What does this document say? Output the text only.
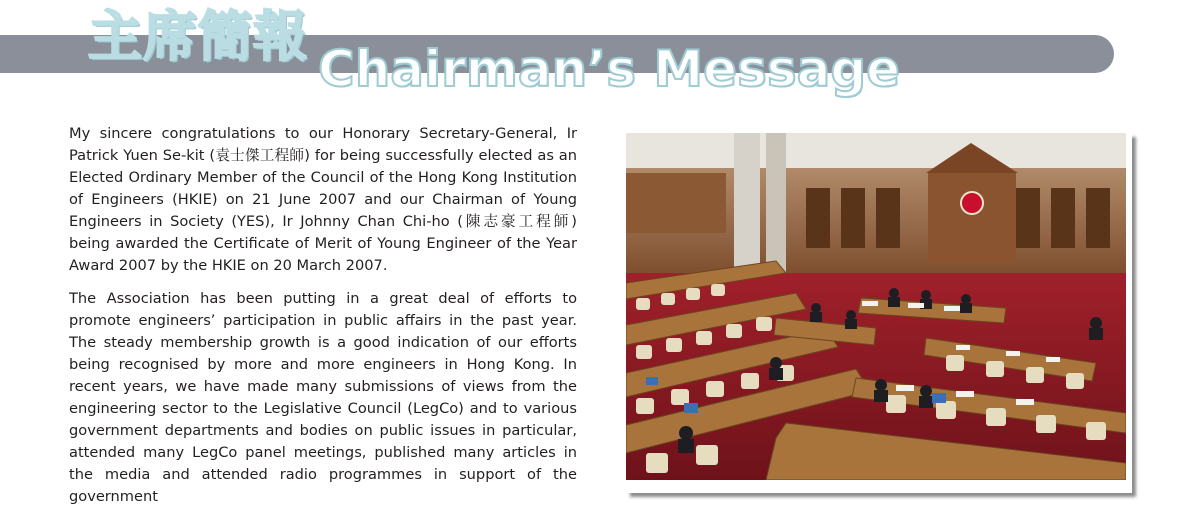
主席簡報
Chairman’s Message

My sincere congratulations to our Honorary Secretary-General, Ir Patrick Yuen Se-kit (袁士傑工程師) for being successfully elected as an Elected Ordinary Member of the Council of the Hong Kong Institution of Engineers (HKIE) on 21 June 2007 and our Chairman of Young Engineers in Society (YES), Ir Johnny Chan Chi-ho (陳志豪工程師) being awarded the Certificate of Merit of Young Engineer of the Year Award 2007 by the HKIE on 20 March 2007.

The Association has been putting in a great deal of efforts to promote engineers’ participation in public affairs in the past year. The steady membership growth is a good indication of our efforts being recognised by more and more engineers in Hong Kong. In recent years, we have made many submissions of views from the engineering sector to the Legislative Council (LegCo) and to various government departments and bodies on public issues in particular, attended many LegCo panel meetings, published many articles in the media and attended radio programmes in support of the government
